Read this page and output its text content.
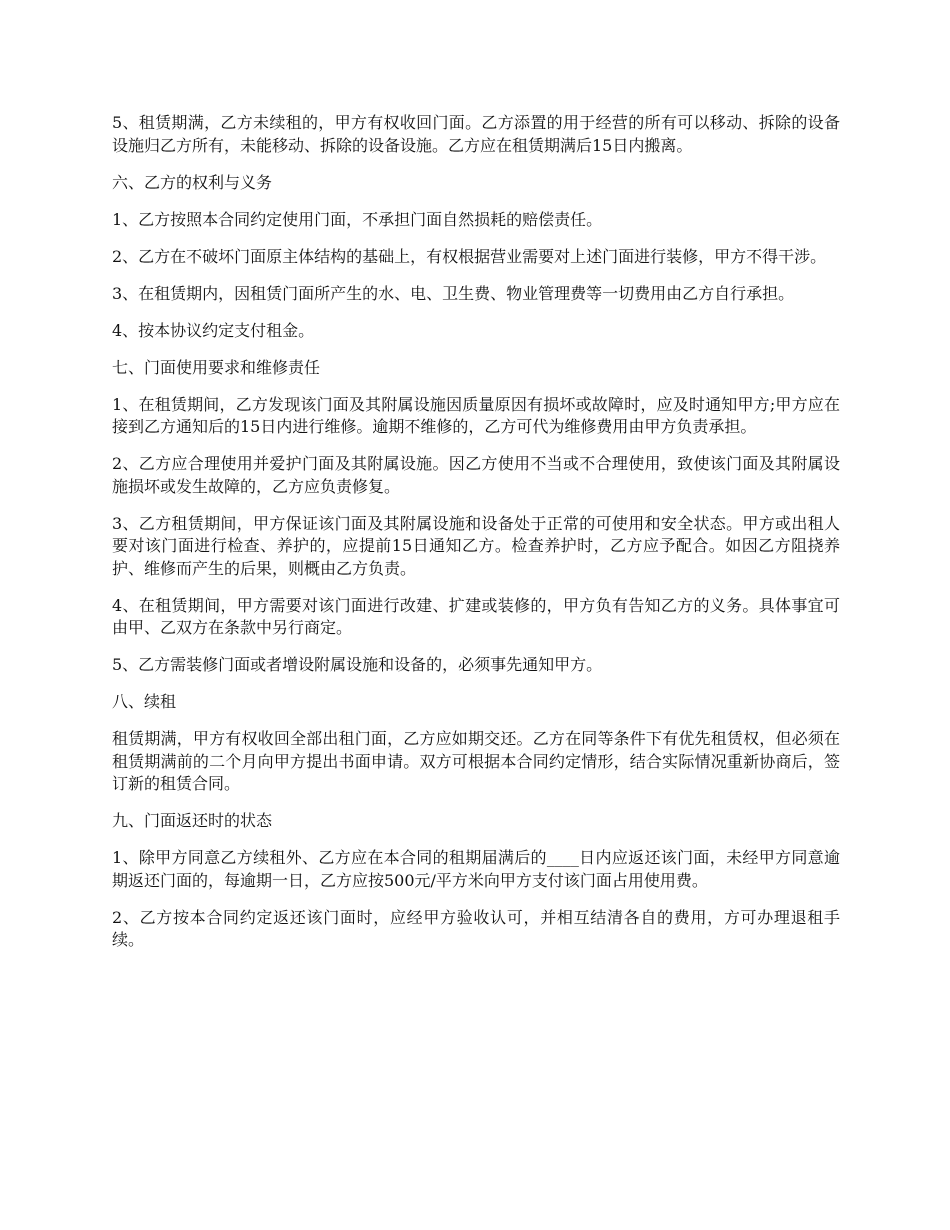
5、租赁期满，乙方未续租的，甲方有权收回门面。乙方添置的用于经营的所有可以移动、拆除的设备设施归乙方所有，未能移动、拆除的设备设施。乙方应在租赁期满后15日内搬离。

六、乙方的权利与义务

1、乙方按照本合同约定使用门面，不承担门面自然损耗的赔偿责任。

2、乙方在不破坏门面原主体结构的基础上，有权根据营业需要对上述门面进行装修，甲方不得干涉。

3、在租赁期内，因租赁门面所产生的水、电、卫生费、物业管理费等一切费用由乙方自行承担。

4、按本协议约定支付租金。

七、门面使用要求和维修责任

1、在租赁期间，乙方发现该门面及其附属设施因质量原因有损坏或故障时，应及时通知甲方;甲方应在接到乙方通知后的15日内进行维修。逾期不维修的，乙方可代为维修费用由甲方负责承担。

2、乙方应合理使用并爱护门面及其附属设施。因乙方使用不当或不合理使用，致使该门面及其附属设施损坏或发生故障的，乙方应负责修复。

3、乙方租赁期间，甲方保证该门面及其附属设施和设备处于正常的可使用和安全状态。甲方或出租人要对该门面进行检查、养护的，应提前15日通知乙方。检查养护时，乙方应予配合。如因乙方阻挠养护、维修而产生的后果，则概由乙方负责。

4、在租赁期间，甲方需要对该门面进行改建、扩建或装修的，甲方负有告知乙方的义务。具体事宜可由甲、乙双方在条款中另行商定。

5、乙方需装修门面或者增设附属设施和设备的，必须事先通知甲方。

八、续租

租赁期满，甲方有权收回全部出租门面，乙方应如期交还。乙方在同等条件下有优先租赁权，但必须在租赁期满前的二个月向甲方提出书面申请。双方可根据本合同约定情形，结合实际情况重新协商后，签订新的租赁合同。

九、门面返还时的状态

1、除甲方同意乙方续租外、乙方应在本合同的租期届满后的____日内应返还该门面，未经甲方同意逾期返还门面的，每逾期一日，乙方应按500元/平方米向甲方支付该门面占用使用费。

2、乙方按本合同约定返还该门面时，应经甲方验收认可，并相互结清各自的费用，方可办理退租手续。
